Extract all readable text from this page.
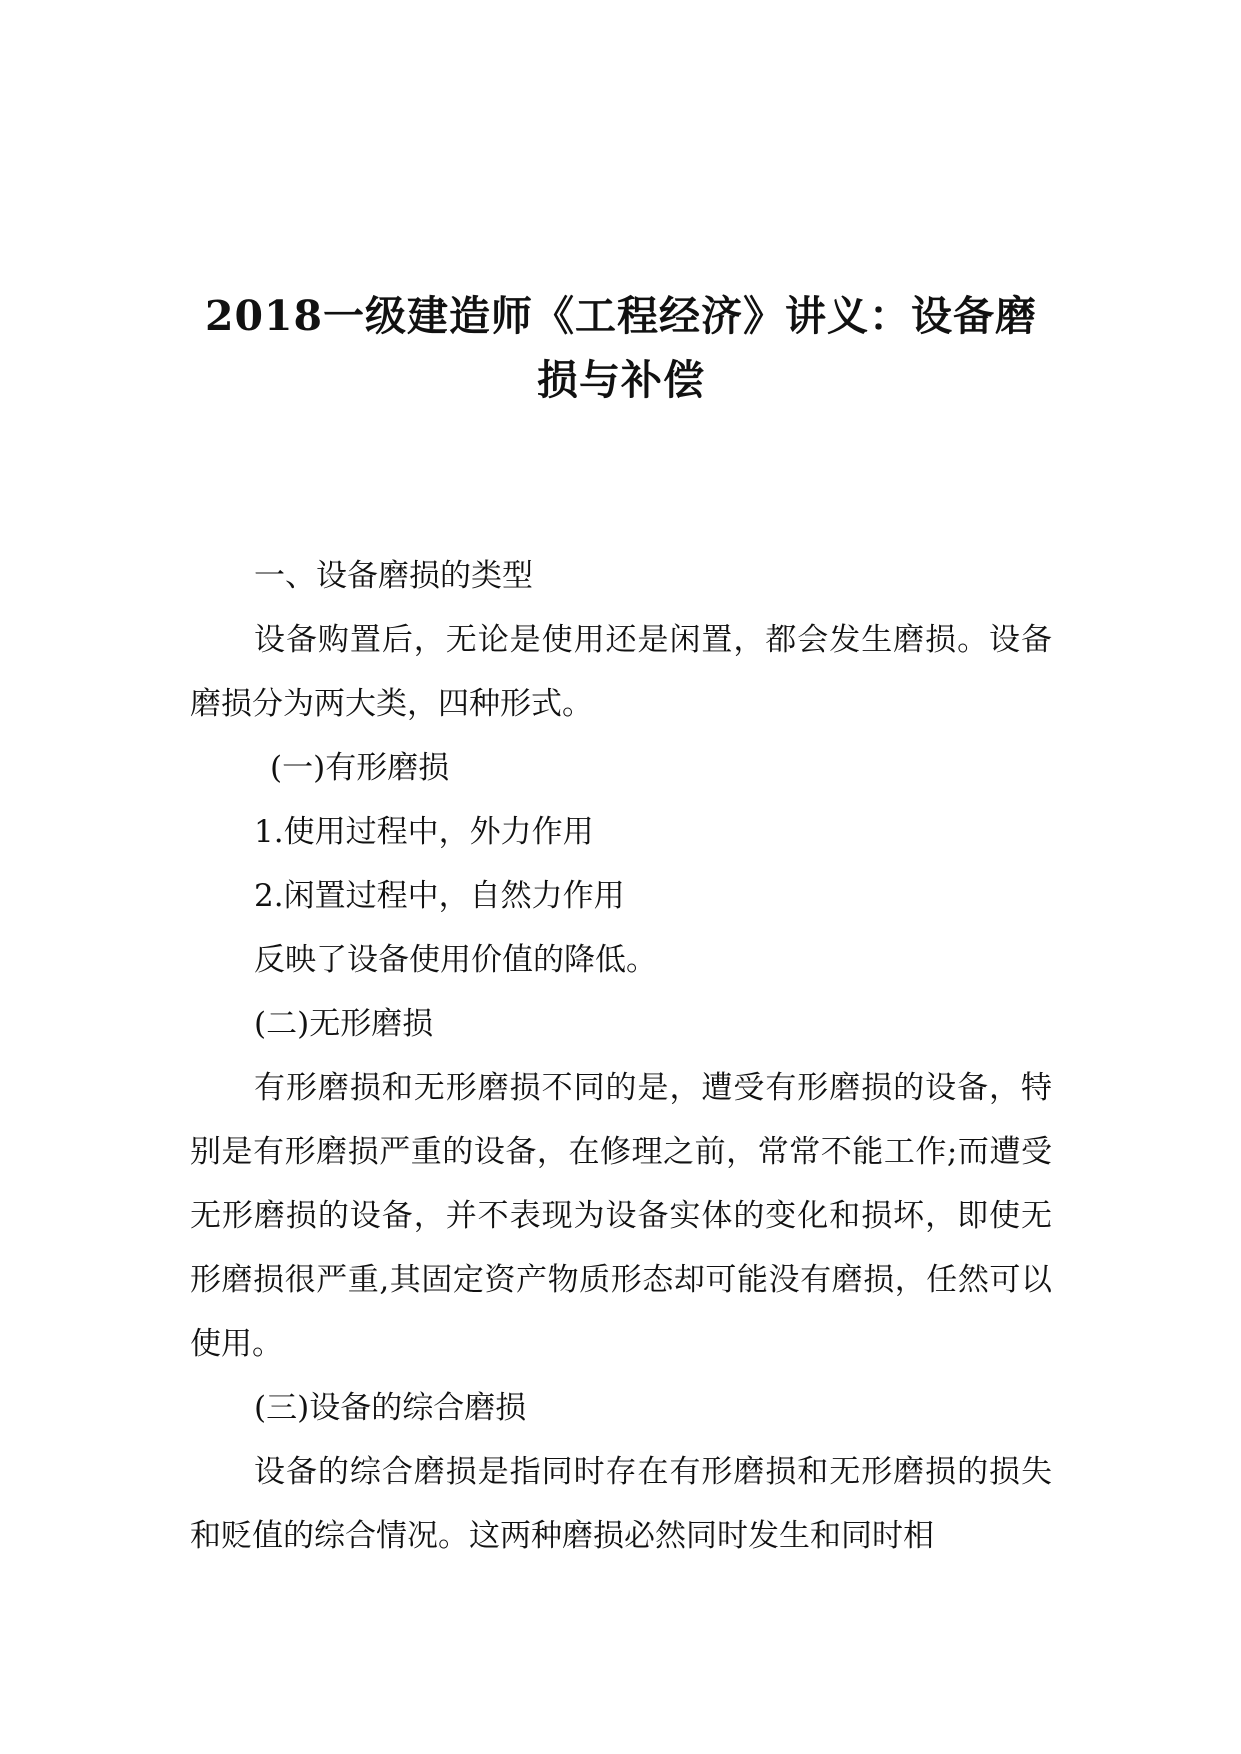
2018一级建造师《工程经济》讲义：设备磨损与补偿

一、设备磨损的类型

设备购置后，无论是使用还是闲置，都会发生磨损。设备磨损分为两大类，四种形式。

(一)有形磨损

1.使用过程中，外力作用

2.闲置过程中，自然力作用

反映了设备使用价值的降低。

(二)无形磨损

有形磨损和无形磨损不同的是，遭受有形磨损的设备，特别是有形磨损严重的设备，在修理之前，常常不能工作;而遭受无形磨损的设备，并不表现为设备实体的变化和损坏，即使无形磨损很严重,其固定资产物质形态却可能没有磨损，任然可以使用。

(三)设备的综合磨损

设备的综合磨损是指同时存在有形磨损和无形磨损的损失和贬值的综合情况。这两种磨损必然同时发生和同时相
